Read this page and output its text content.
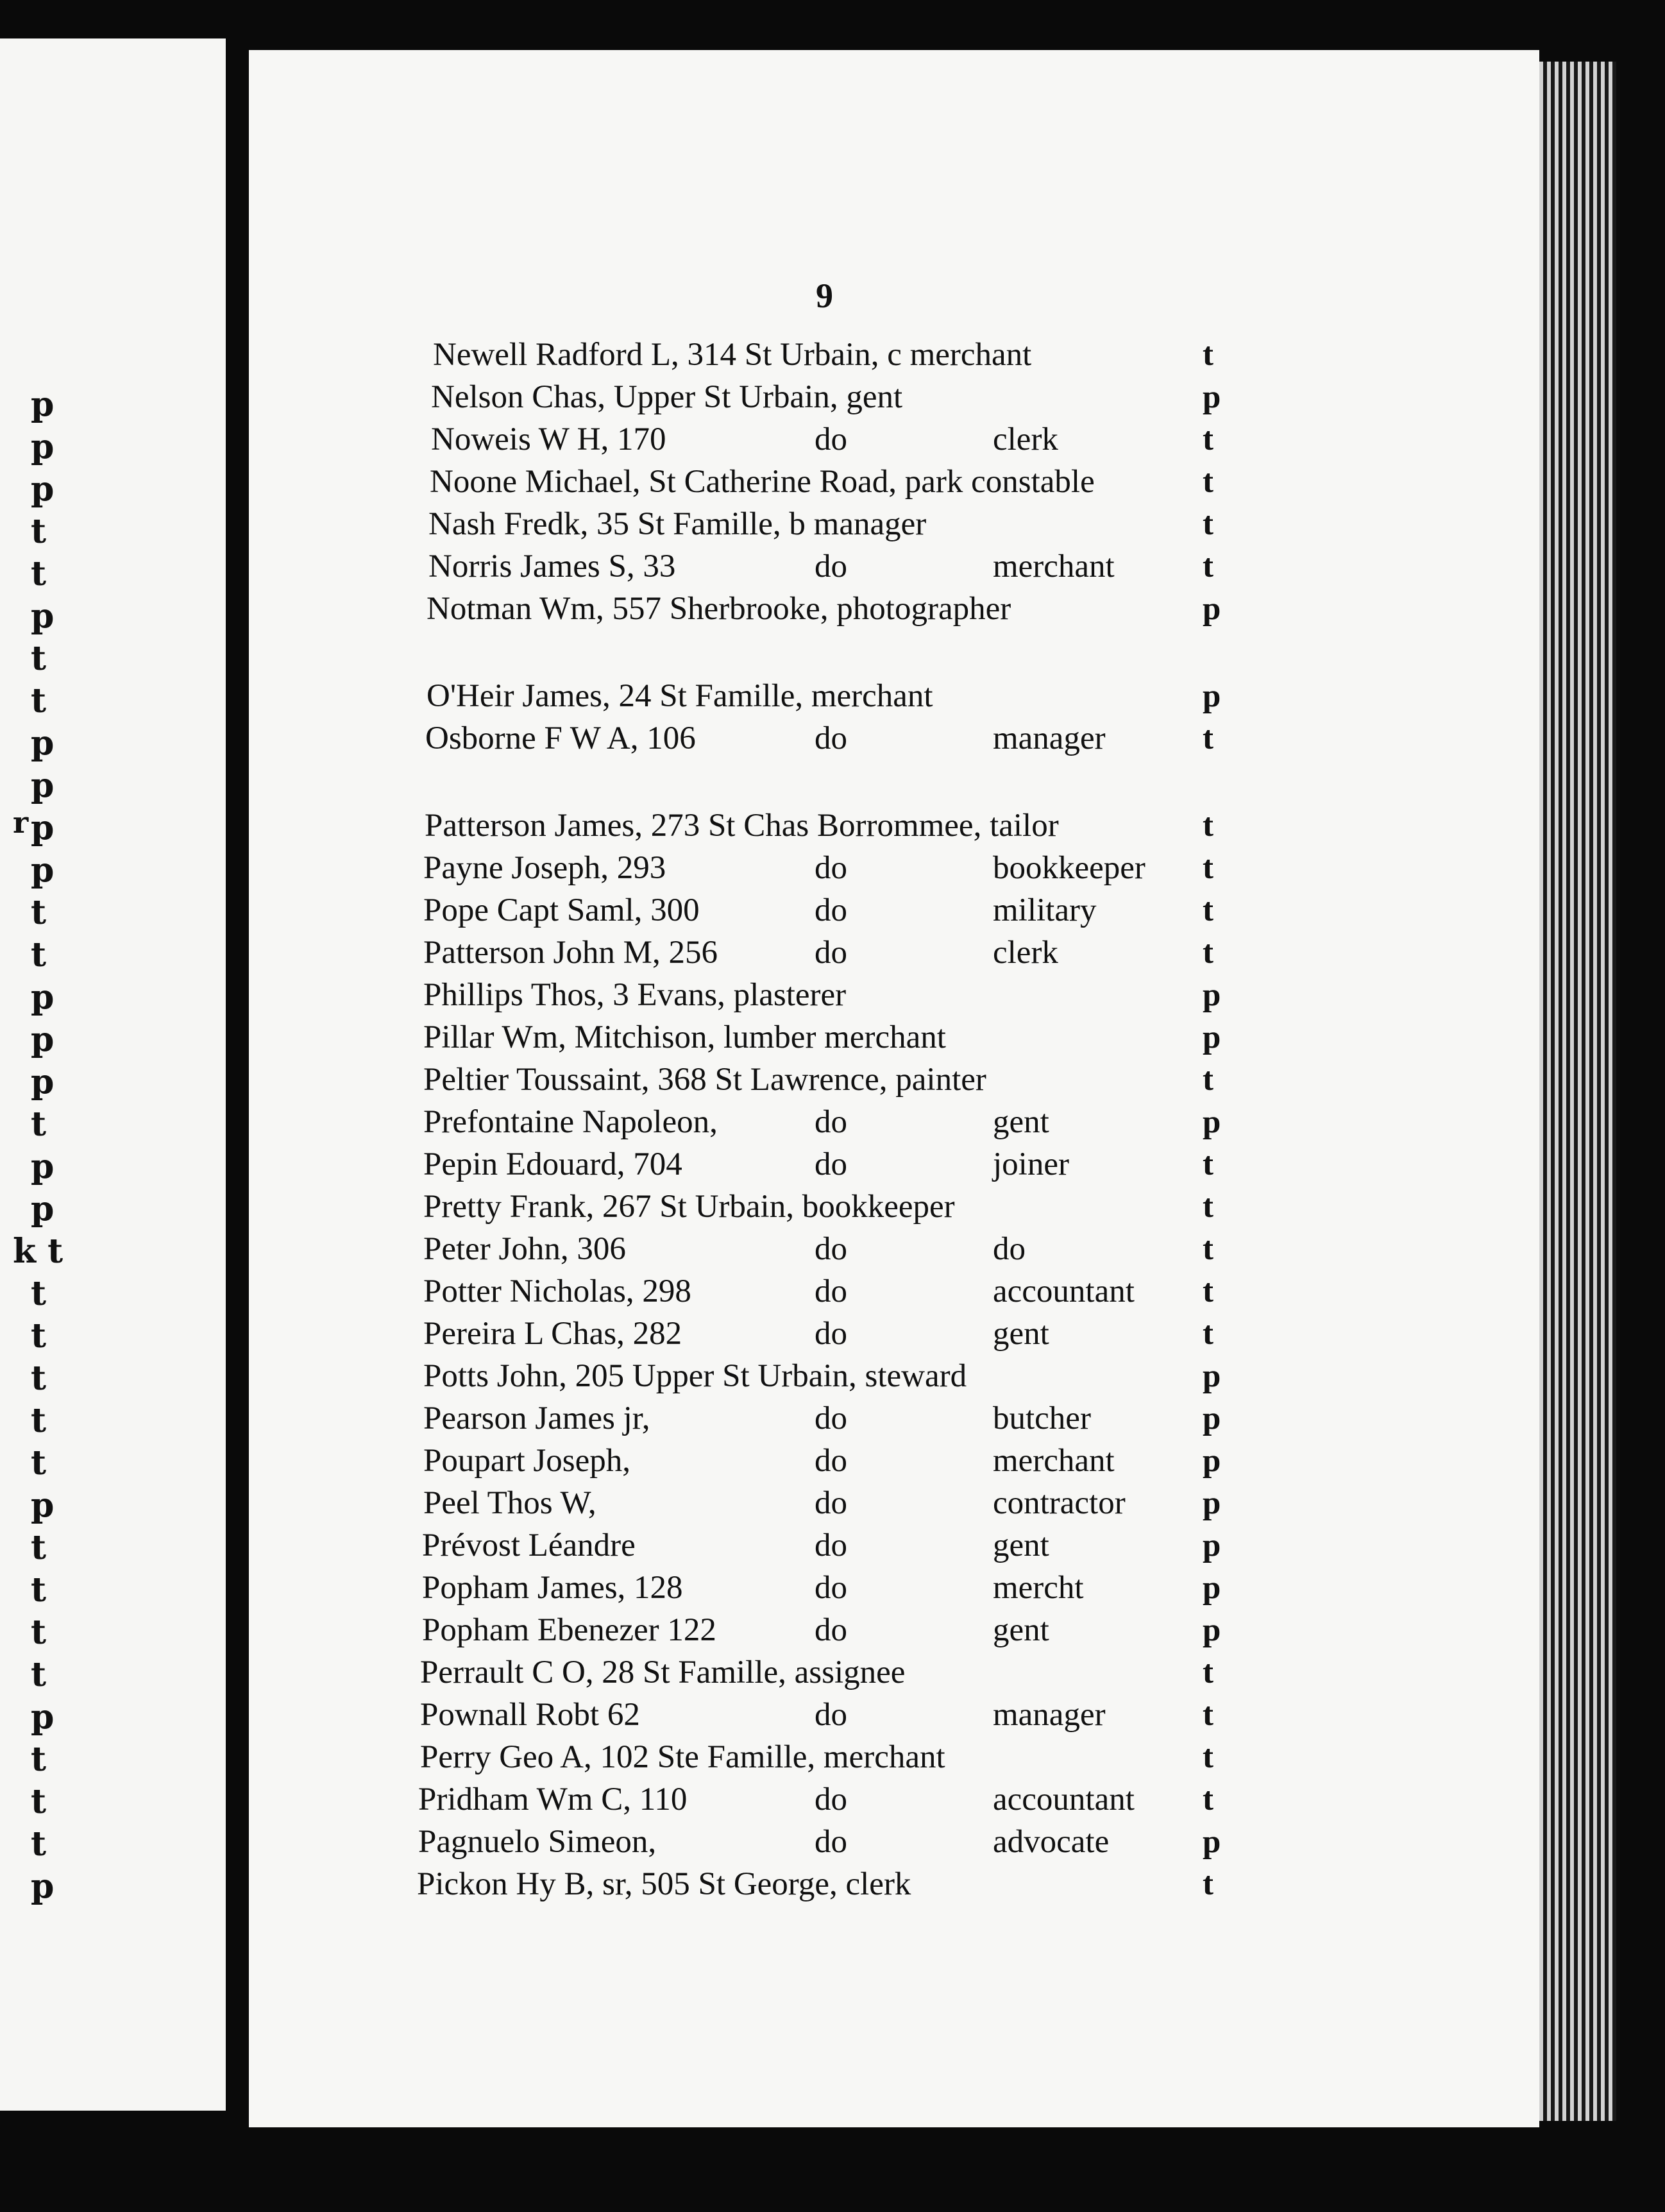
p
p
p
t
t
p
t
t
p
p
p
p
t
t
p
p
p
t
p
p
k t
t
t
t
t
t
p
t
t
t
t
p
t
t
t
p
r
9
Newell Radford L, 314 St Urbain, c merchant	t
Nelson Chas, Upper St Urbain, gent	p
Noweis W H, 170	do	clerk	t
Noone Michael, St Catherine Road, park constable	t
Nash Fredk, 35 St Famille, b manager	t
Norris James S, 33	do	merchant	t
Notman Wm, 557 Sherbrooke, photographer	p
O'Heir James, 24 St Famille, merchant	p
Osborne F W A, 106	do	manager	t
Patterson James, 273 St Chas Borrommee, tailor	t
Payne Joseph, 293	do	bookkeeper t
Pope Capt Saml, 300	do	military	t
Patterson John M, 256	do	clerk	t
Phillips Thos, 3 Evans, plasterer	p
Pillar Wm, Mitchison, lumber merchant	p
Peltier Toussaint, 368 St Lawrence, painter	t
Prefontaine Napoleon,	do	gent	p
Pepin Edouard, 704	do	joiner	t
Pretty Frank, 267 St Urbain, bookkeeper	t
Peter John, 306	do	do	t
Potter Nicholas, 298	do	accountant t
Pereira L Chas, 282	do	gent	t
Potts John, 205 Upper St Urbain, steward	p
Pearson James jr,	do	butcher	p
Poupart Joseph,	do	merchant	p
Peel Thos W,	do	contractor p
Prévost Léandre	do	gent	p
Popham James, 128	do	mercht	p
Popham Ebenezer 122	do	gent	p
Perrault C O, 28 St Famille, assignee	t
Pownall Robt 62	do	manager	t
Perry Geo A, 102 Ste Famille, merchant	t
Pridham Wm C, 110	do	accountant t
Pagnuelo Simeon,	do	advocate	p
Pickon Hy B, sr, 505 St George, clerk	t
